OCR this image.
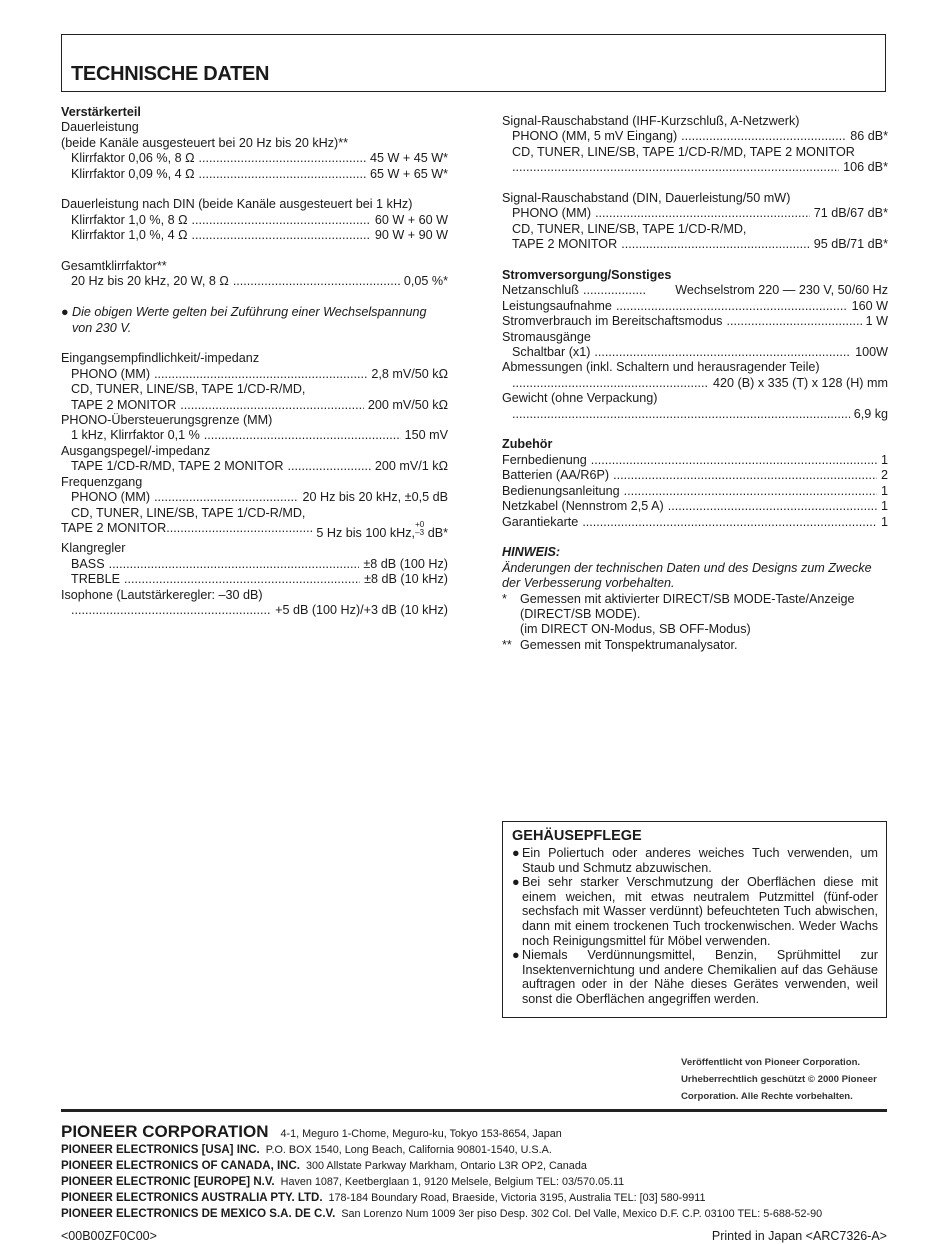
TECHNISCHE DATEN
Verstärkerteil
Dauerleistung
(beide Kanäle ausgesteuert bei 20 Hz bis 20 kHz)**
Klirrfaktor 0,06 %, 8 Ω .....	45 W + 45 W*
Klirrfaktor 0,09 %, 4 Ω .....	65 W + 65 W*
Dauerleistung nach DIN (beide Kanäle ausgesteuert bei 1 kHz)
Klirrfaktor 1,0 %, 8 Ω .....	60 W + 60 W
Klirrfaktor 1,0 %, 4 Ω .....	90 W + 90 W
Gesamtklirrfaktor**
20 Hz bis 20 kHz, 20 W, 8 Ω .....	0,05 %*
● Die obigen Werte gelten bei Zuführung einer Wechselspannung von 230 V.
Eingangsempfindlichkeit/-impedanz
PHONO (MM) .....	2,8 mV/50 kΩ
CD, TUNER, LINE/SB, TAPE 1/CD-R/MD,
TAPE 2 MONITOR .....	200 mV/50 kΩ
PHONO-Übersteuerungsgrenze (MM)
1 kHz, Klirrfaktor 0,1 % .....	150 mV
Ausgangspegel/-impedanz
TAPE 1/CD-R/MD, TAPE 2 MONITOR .....	200 mV/1 kΩ
Frequenzgang
PHONO (MM) .....	20 Hz bis 20 kHz, ±0,5 dB
CD, TUNER, LINE/SB, TAPE 1/CD-R/MD,
TAPE 2 MONITOR .....	5 Hz bis 100 kHz,
$^{+0 -3}$ dB*
Klangregler
BASS .....	±8 dB (100 Hz)
TREBLE .....	±8 dB (10 kHz)
Isophone (Lautstärkeregler: –30 dB)
.....
+5 dB (100 Hz)/+3 dB (10 kHz)
Signal-Rauschabstand (IHF-Kurzschluß, A-Netzwerk)
PHONO (MM, 5 mV Eingang) .....	86 dB*
CD, TUNER, LINE/SB, TAPE 1/CD-R/MD, TAPE 2 MONITOR
.....
106 dB*
Signal-Rauschabstand (DIN, Dauerleistung/50 mW)
PHONO (MM) .....	71 dB/67 dB*
CD, TUNER, LINE/SB, TAPE 1/CD-R/MD,
TAPE 2 MONITOR .....	95 dB/71 dB*
Stromversorgung/Sonstiges
Netzanschluß .....	Wechselstrom 220 — 230 V, 50/60 Hz
Leistungsaufnahme .....	160 W
Stromverbrauch im Bereitschaftsmodus .....	1 W
Stromausgänge
Schaltbar (x1) .....	100W
Abmessungen (inkl. Schaltern und herausragender Teile)
.....
420 (B) x 335 (T) x 128 (H) mm
Gewicht (ohne Verpackung)
.....
6,9 kg
Zubehör
Fernbedienung .....	1
Batterien (AA/R6P) .....	2
Bedienungsanleitung .....	1
Netzkabel (Nennstrom 2,5 A) .....	1
Garantiekarte .....	1
HINWEIS:
Änderungen der technischen Daten und des Designs zum Zwecke der Verbesserung vorbehalten.
*	Gemessen mit aktivierter DIRECT/SB MODE-Taste/Anzeige (DIRECT/SB MODE).
(im DIRECT ON-Modus, SB OFF-Modus)
** Gemessen mit Tonspektrumanalysator.
GEHÄUSEPFLEGE
● Ein Poliertuch oder anderes weiches Tuch verwenden, um Staub und Schmutz abzuwischen.
● Bei sehr starker Verschmutzung der Oberflächen diese mit einem weichen, mit etwas neutralem Putzmittel (fünf-oder sechsfach mit Wasser verdünnt) befeuchteten Tuch abwischen, dann mit einem trockenen Tuch trockenwischen. Weder Wachs noch Reinigungsmittel für Möbel verwenden.
● Niemals Verdünnungsmittel, Benzin, Sprühmittel zur Insektenvernichtung und andere Chemikalien auf das Gehäuse auftragen oder in der Nähe dieses Gerätes verwenden, weil sonst die Oberflächen angegriffen werden.
Veröffentlicht von Pioneer Corporation.
Urheberrechtlich geschützt © 2000 Pioneer
Corporation. Alle Rechte vorbehalten.
PIONEER CORPORATION 4-1, Meguro 1-Chome, Meguro-ku, Tokyo 153-8654, Japan
PIONEER ELECTRONICS [USA] INC. P.O. BOX 1540, Long Beach, California 90801-1540, U.S.A.
PIONEER ELECTRONICS OF CANADA, INC. 300 Allstate Parkway Markham, Ontario L3R OP2, Canada
PIONEER ELECTRONIC [EUROPE] N.V. Haven 1087, Keetberglaan 1, 9120 Melsele, Belgium TEL: 03/570.05.11
PIONEER ELECTRONICS AUSTRALIA PTY. LTD. 178-184 Boundary Road, Braeside, Victoria 3195, Australia TEL: [03] 580-9911
PIONEER ELECTRONICS DE MEXICO S.A. DE C.V. San Lorenzo Num 1009 3er piso Desp. 302 Col. Del Valle, Mexico D.F. C.P. 03100 TEL: 5-688-52-90
<00B00ZF0C00>	Printed in Japan <ARC7326-A>
